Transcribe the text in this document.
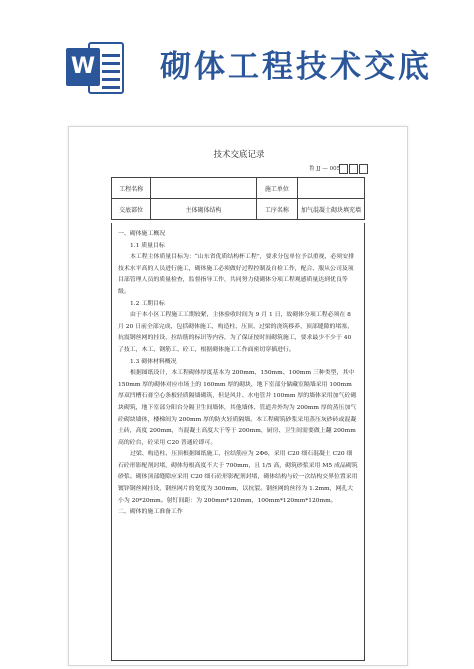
W 砌体工程技术交底
技术交底记录
鲁 JJ — 005
工程名称		施工单位	
交底部位	主体砌体结构	工序名称	加气混凝土砌块填充墙

一、砌体施工概况

1.1 质量目标

本工程主体质量目标为：“山东省优质结构杯工程”，要求分包单位予以重视，必须安排技术水平高的人员进行施工，砌体施工必须做好过程控制及自检工作，配合、服从公司及项目部管理人员的质量检查，监督指导工作，共同努力使砌体分项工程观感质量达到优良等级。

1.2 工期目标

由于本小区工程施工工期较紧，主体验收时间为 9 月 1 日，故砌体分项工程必须在 8 月 20 日前全部完成，包括砌体施工，构造柱、压顶、过梁的浇筑移养，顶部缝隙的堵塞，抗震钢丝网的挂设，拉结筋的标识等内容，为了保证按时间砌筑施工，要求最少不少于 40 了技工，木工、钢筋工、砼工，根据砌体施工工作面密切穿插进行。

1.3 砌体材料概况

根据图纸设计，本工程砌体厚度基本为 200mm、150mm、100mm 三种类型，其中 150mm 厚的砌体对应市场上的 160mm 厚的砌块，地下室部分储藏室隔墙采用 100mm 厚双凹槽石膏空心条板轻质隔墙砌筑，但是风井、水电管井 100mm 厚的墙体采用加气砼砌块砌筑，地下室部分阳台分隔卫生间墙体，其他墙体、管道井外均为 200mm 厚的蒸压加气砼砌块墙体，楼梯间为 200mm 厚的防火轻质隔墙。本工程砌筑砂浆采用蒸压灰砂砖或混凝土砖，高度 200mm，当混凝土高度大于等于 200mm，厨房、卫生间需要做上翻 200mm 高的砼台，砼采用 C20 普通砼即可。

过梁、构造柱、压顶根据图纸施工，拉结筋应为 2Φ6，采用 C20 细石混凝土 C20 细石砼形影配剂封堵，砌体每根高度不大于 700mm，且 1/5 高，砌筑砂浆采用 M5 成品砌筑砂浆。砌体顶部缝隙应采用 C20 细石砼形影配剂封堵，砌体结构与砼一次结构交界位置采用镀锌钢丝网挂设，钢丝网片的宽度为 300mm，以抗裂。钢丝网的丝径为 1.2mm，网孔大小为 20*20mm。射钉间距：为 200mm*120mm，100mm*120mm*120mm。

二、砌体的施工准备工作
